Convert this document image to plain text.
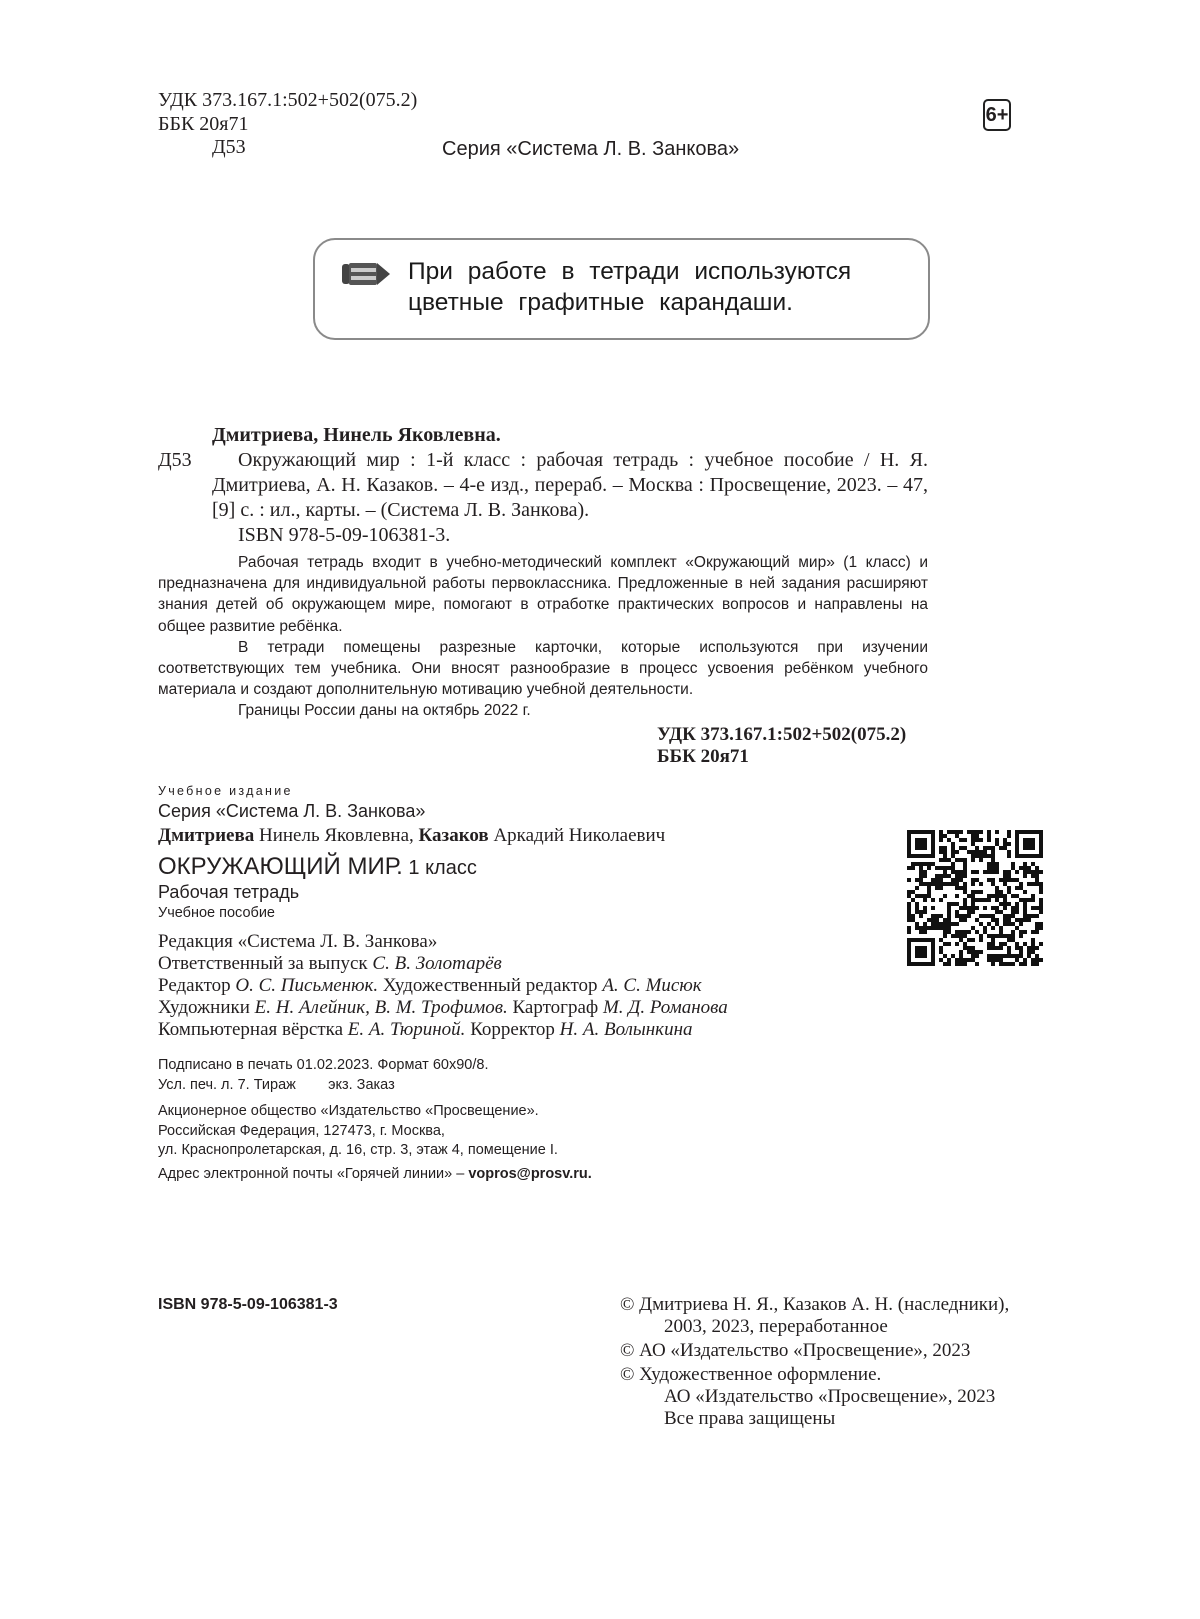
УДК 373.167.1:502+502(075.2)
ББК 20я71
Д53	Серия «Система Л. В. Занкова»
6+
При работе в тетради используются
цветные графитные карандаши.
Дмитриева, Нинель Яковлевна.
Д53	Окружающий мир : 1-й класс : рабочая тетрадь : учебное пособие / Н. Я. Дмитриева, А. Н. Казаков. – 4-е изд., перераб. – Москва : Просвещение, 2023. – 47, [9] с. : ил., карты. – (Система Л. В. Занкова).
ISBN 978-5-09-106381-3.

Рабочая тетрадь входит в учебно-методический комплект «Окружающий мир» (1 класс) и предназначена для индивидуальной работы первоклассника. Предложенные в ней задания расширяют знания детей об окружающем мире, помогают в отработке практических вопросов и направлены на общее развитие ребёнка.

В тетради помещены разрезные карточки, которые используются при изучении соответствующих тем учебника. Они вносят разнообразие в процесс усвоения ребёнком учебного материала и создают дополнительную мотивацию учебной деятельности.

Границы России даны на октябрь 2022 г.

УДК 373.167.1:502+502(075.2)
ББК 20я71
Учебное издание
Серия «Система Л. В. Занкова»
Дмитриева Нинель Яковлевна, Казаков Аркадий Николаевич
ОКРУЖАЮЩИЙ МИР. 1 класс
Рабочая тетрадь
Учебное пособие
Редакция «Система Л. В. Занкова»
Ответственный за выпуск С. В. Золотарёв
Редактор О. С. Письменюк. Художественный редактор А. С. Мисюк
Художники Е. Н. Алейник, В. М. Трофимов. Картограф М. Д. Романова
Компьютерная вёрстка Е. А. Тюриной. Корректор Н. А. Волынкина
Подписано в печать 01.02.2023. Формат 60x90/8.
Усл. печ. л. 7. Тираж        экз. Заказ
Акционерное общество «Издательство «Просвещение».
Российская Федерация, 127473, г. Москва,
ул. Краснопролетарская, д. 16, стр. 3, этаж 4, помещение I.
Адрес электронной почты «Горячей линии» – vopros@prosv.ru.
ISBN 978-5-09-106381-3	© Дмитриева Н. Я., Казаков А. Н. (наследники),
2003, 2023, переработанное
© АО «Издательство «Просвещение», 2023
© Художественное оформление.
АО «Издательство «Просвещение», 2023
Все права защищены
